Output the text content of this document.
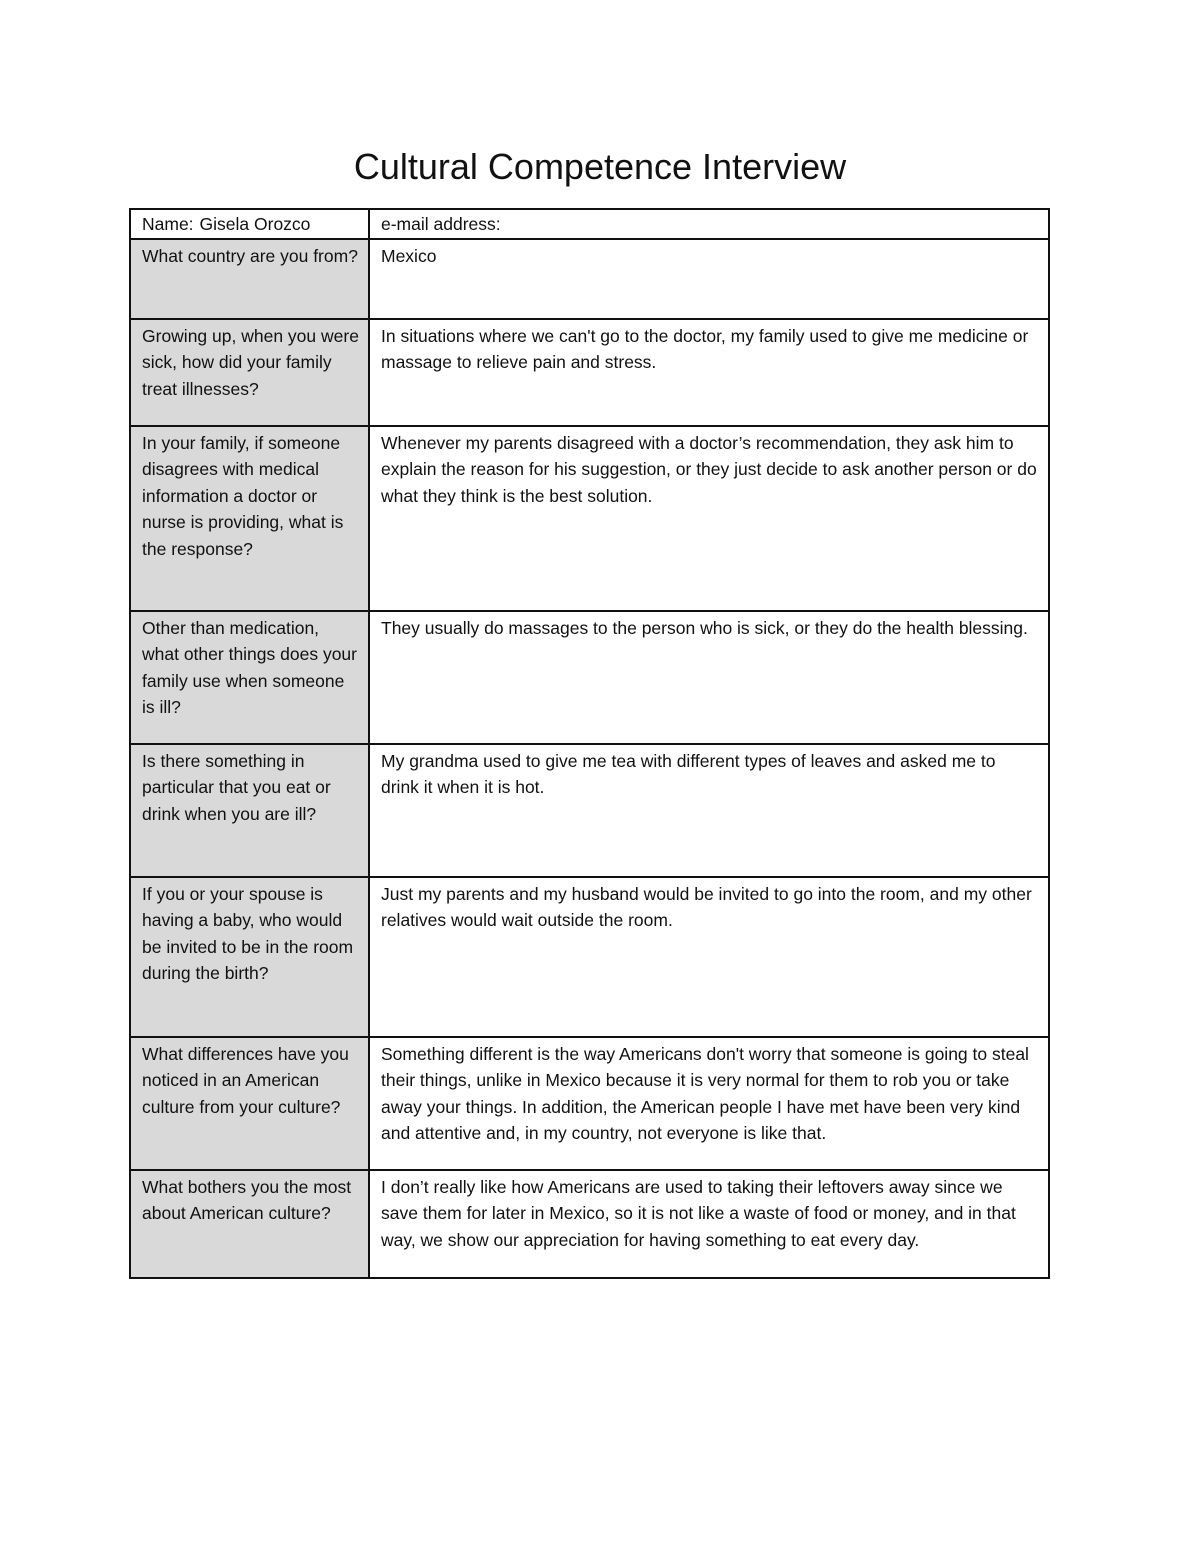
Cultural Competence Interview
Name: Gisela Orozco	e-mail address:
What country are you from?	Mexico
Growing up, when you were sick, how did your family treat illnesses?	In situations where we can't go to the doctor, my family used to give me medicine or massage to relieve pain and stress.
In your family, if someone disagrees with medical information a doctor or nurse is providing, what is the response?	Whenever my parents disagreed with a doctor’s recommendation, they ask him to explain the reason for his suggestion, or they just decide to ask another person or do what they think is the best solution.
Other than medication, what other things does your family use when someone is ill?	They usually do massages to the person who is sick, or they do the health blessing.
Is there something in particular that you eat or drink when you are ill?	My grandma used to give me tea with different types of leaves and asked me to drink it when it is hot.
If you or your spouse is having a baby, who would be invited to be in the room during the birth?	Just my parents and my husband would be invited to go into the room, and my other relatives would wait outside the room.
What differences have you noticed in an American culture from your culture?	Something different is the way Americans don't worry that someone is going to steal their things, unlike in Mexico because it is very normal for them to rob you or take away your things. In addition, the American people I have met have been very kind and attentive and, in my country, not everyone is like that.
What bothers you the most about American culture?	I don’t really like how Americans are used to taking their leftovers away since we save them for later in Mexico, so it is not like a waste of food or money, and in that way, we show our appreciation for having something to eat every day.
